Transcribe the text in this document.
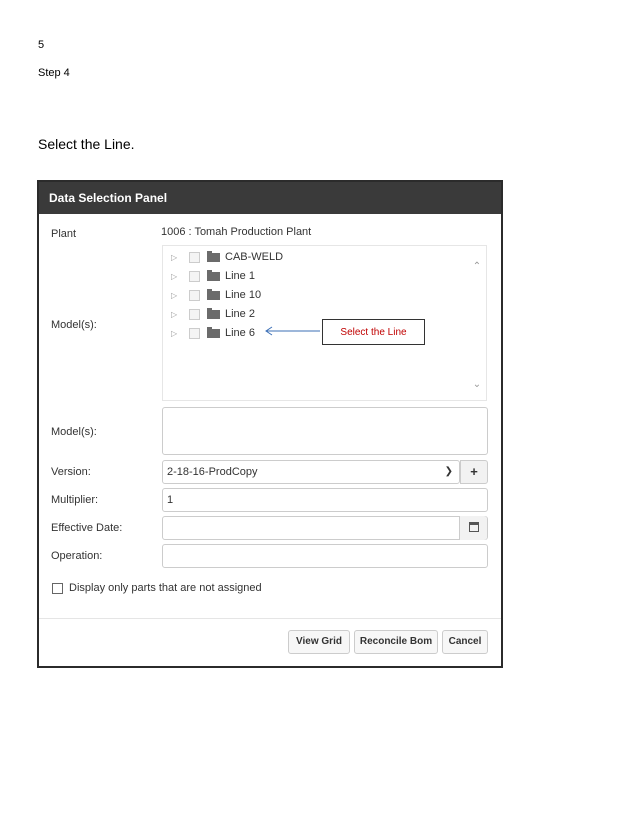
5
Step 4
Select the Line.
Data Selection Panel
Plant	1006 : Tomah Production Plant
Model(s):
▷	CAB-WELD
▷	Line 1
▷	Line 10
▷	Line 2
▷	Line 6
⌃
⌄
Select the Line
Model(s):
Version:	2-18-16-ProdCopy	❯	+
Multiplier:	1
Effective Date:
Operation:
Display only parts that are not assigned
View Grid	Reconcile Bom	Cancel
